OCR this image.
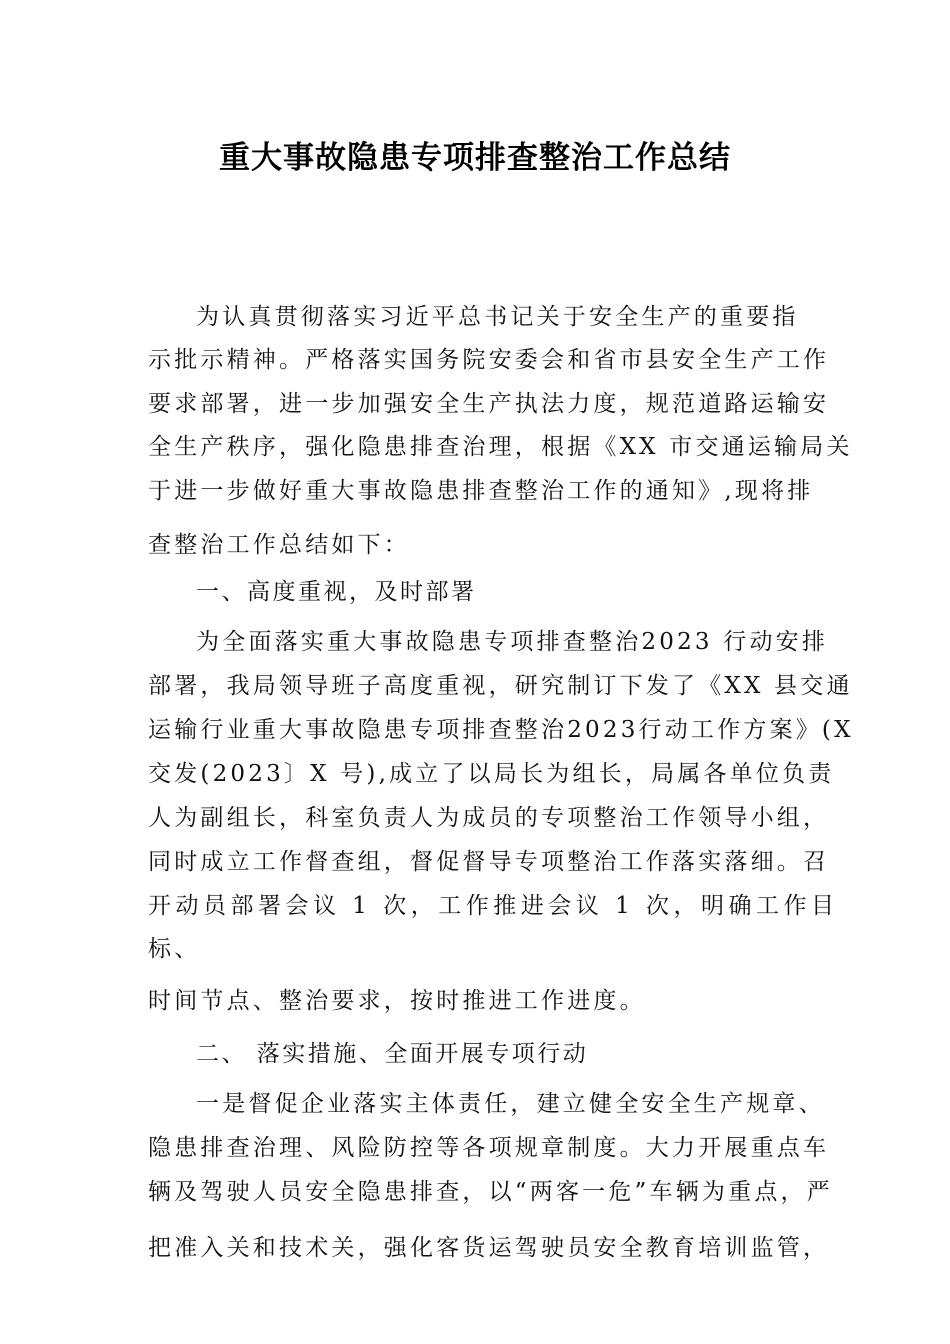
重大事故隐患专项排查整治工作总结
为认真贯彻落实习近平总书记关于安全生产的重要指
示批示精神。严格落实国务院安委会和省市县安全生产工作
要求部署，进一步加强安全生产执法力度，规范道路运输安
全生产秩序，强化隐患排查治理，根据《XX 市交通运输局关
于进一步做好重大事故隐患排查整治工作的通知》,现将排
查整治工作总结如下：
一、高度重视，及时部署
为全面落实重大事故隐患专项排查整治2023 行动安排
部署，我局领导班子高度重视，研究制订下发了《XX 县交通
运输行业重大事故隐患专项排查整治2023行动工作方案》(X
交发(2023〕X 号),成立了以局长为组长，局属各单位负责
人为副组长，科室负责人为成员的专项整治工作领导小组，
同时成立工作督查组，督促督导专项整治工作落实落细。召
开动员部署会议 1 次，工作推进会议 1 次，明确工作目
标、
时间节点、整治要求，按时推进工作进度。
二、 落实措施、全面开展专项行动
一是督促企业落实主体责任，建立健全安全生产规章、
隐患排查治理、风险防控等各项规章制度。大力开展重点车
辆及驾驶人员安全隐患排查，以“两客一危”车辆为重点，严
把准入关和技术关，强化客货运驾驶员安全教育培训监管，
